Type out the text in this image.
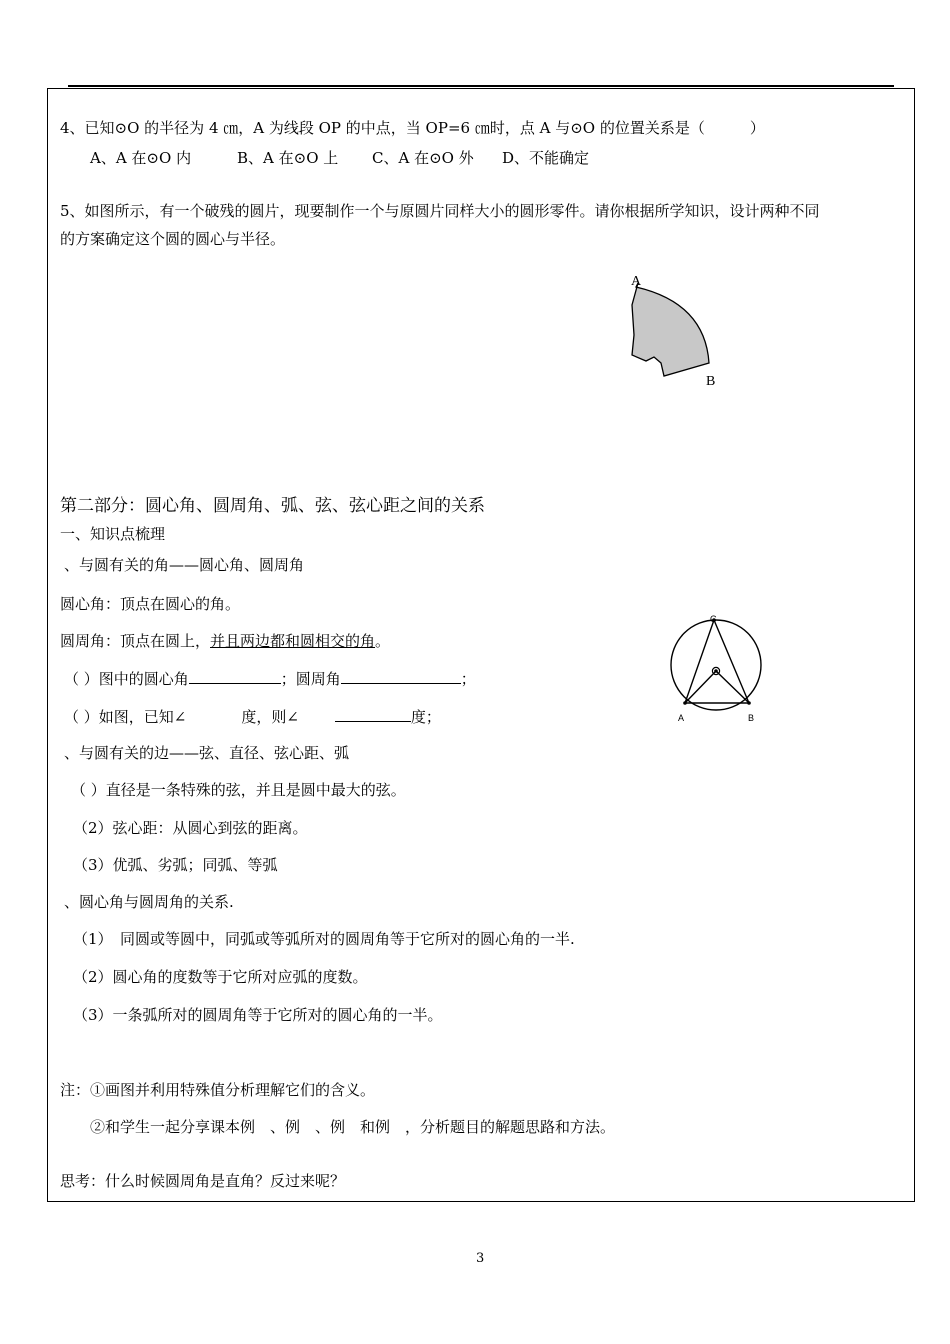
4、已知⊙O 的半径为 4 ㎝，A 为线段 OP 的中点，当 OP=6 ㎝时，点 A 与⊙O 的位置关系是（　　　）
A、A 在⊙O 内	B、A 在⊙O 上 C、A 在⊙O 外 D、不能确定
5、如图所示，有一个破残的圆片，现要制作一个与原圆片同样大小的圆形零件。请你根据所学知识，设计两种不同
的方案确定这个圆的圆心与半径。
A
B
第二部分：圆心角、圆周角、弧、弦、弦心距之间的关系
一、知识点梳理
、与圆有关的角——圆心角、圆周角
圆心角：顶点在圆心的角。
圆周角：顶点在圆上，并且两边都和圆相交的角。
（ ）图中的圆心角	；圆周角	；
（ ）如图，已知∠	度，则∠	度；
C
A	B
、与圆有关的边——弦、直径、弦心距、弧
（ ）直径是一条特殊的弦，并且是圆中最大的弦。
（2）弦心距：从圆心到弦的距离。
（3）优弧、劣弧；同弧、等弧
、圆心角与圆周角的关系.
（1）　同圆或等圆中，同弧或等弧所对的圆周角等于它所对的圆心角的一半.
（2）圆心角的度数等于它所对应弧的度数。
（3）一条弧所对的圆周角等于它所对的圆心角的一半。
注：①画图并利用特殊值分析理解它们的含义。
②和学生一起分享课本例　、例　、例　和例　，分析题目的解题思路和方法。
思考：什么时候圆周角是直角？反过来呢？
3
